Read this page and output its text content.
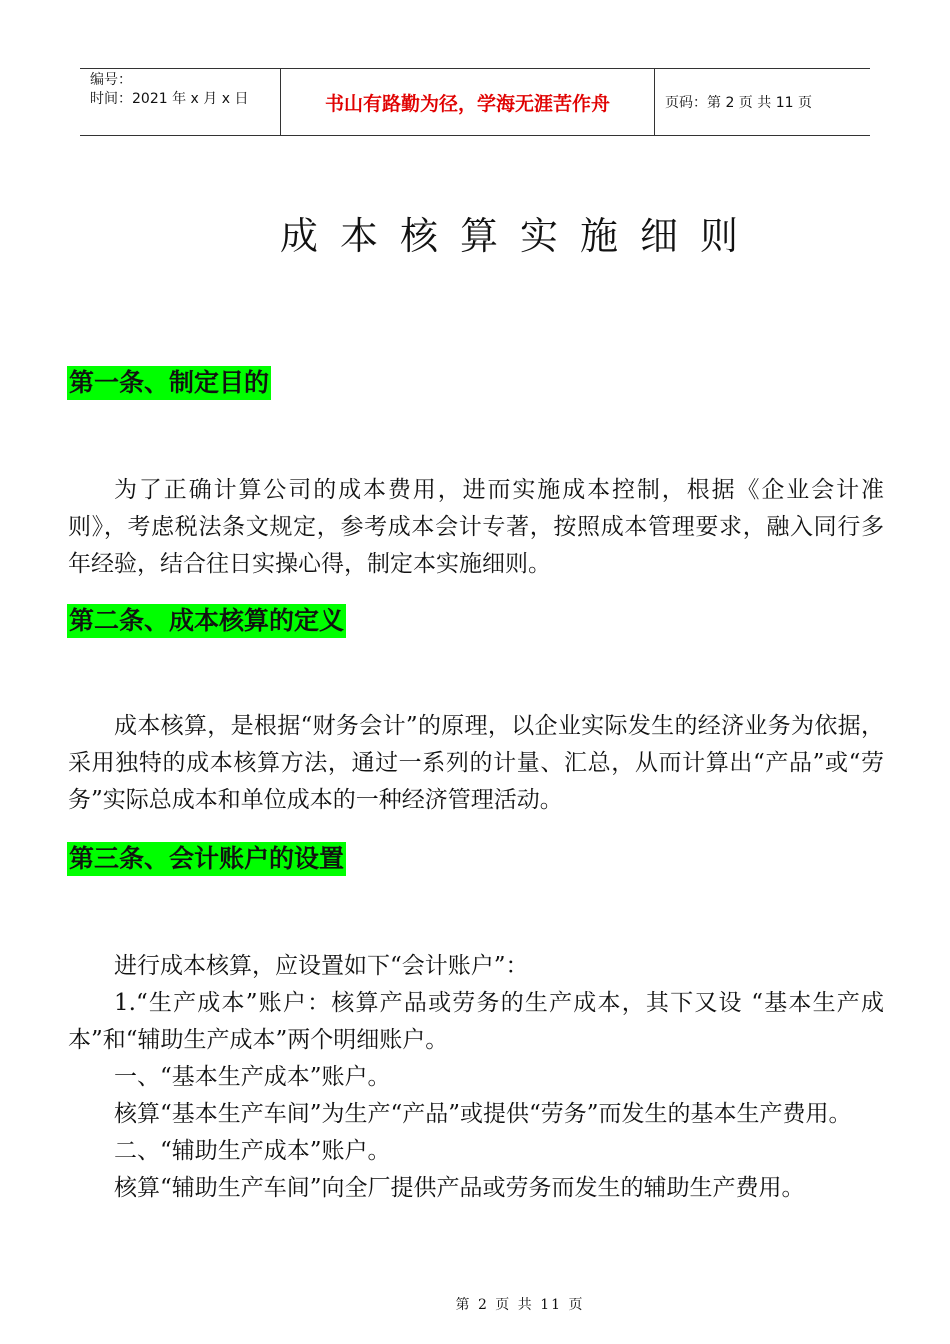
编号：
时间：2021 年 x 月 x 日	书山有路勤为径，学海无涯苦作舟	页码：第 2 页 共 11 页
成本核算实施细则
第一条、制定目的

为了正确计算公司的成本费用，进而实施成本控制，根据《企业会计准则》，考虑税法条文规定，参考成本会计专著，按照成本管理要求，融入同行多年经验，结合往日实操心得，制定本实施细则。

第二条、成本核算的定义

成本核算，是根据“财务会计”的原理，以企业实际发生的经济业务为依据，采用独特的成本核算方法，通过一系列的计量、汇总，从而计算出“产品”或“劳务”实际总成本和单位成本的一种经济管理活动。

第三条、会计账户的设置

进行成本核算，应设置如下“会计账户”：

1.“生产成本”账户：核算产品或劳务的生产成本，其下又设 “基本生产成本”和“辅助生产成本”两个明细账户。

一、“基本生产成本”账户。

核算“基本生产车间”为生产“产品”或提供“劳务”而发生的基本生产费用。

二、“辅助生产成本”账户。

核算“辅助生产车间”向全厂提供产品或劳务而发生的辅助生产费用。

第 2 页 共 11 页
